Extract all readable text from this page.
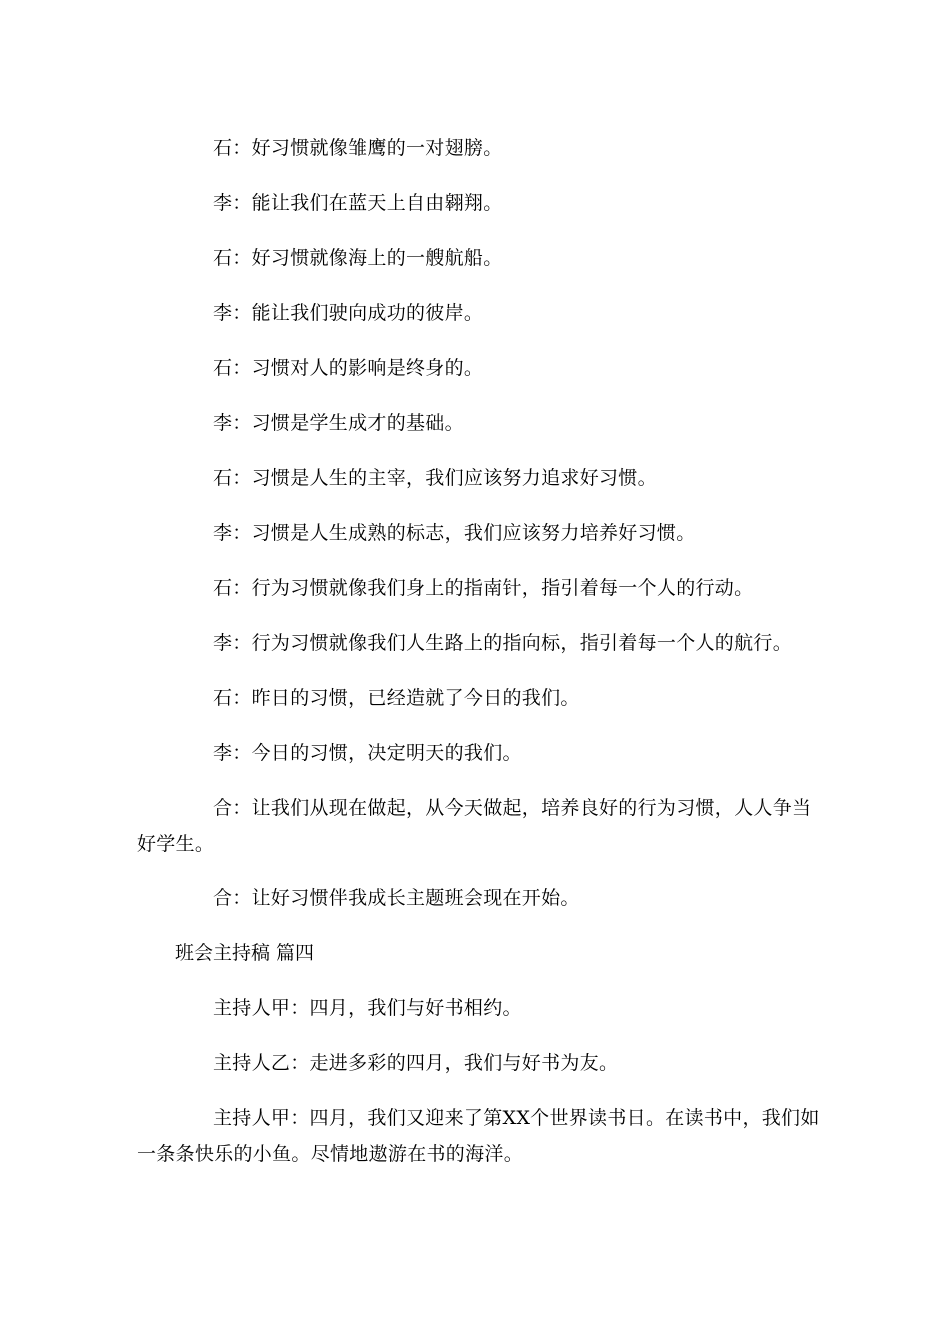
石：好习惯就像雏鹰的一对翅膀。

李：能让我们在蓝天上自由翱翔。

石：好习惯就像海上的一艘航船。

李：能让我们驶向成功的彼岸。

石：习惯对人的影响是终身的。

李：习惯是学生成才的基础。

石：习惯是人生的主宰，我们应该努力追求好习惯。

李：习惯是人生成熟的标志，我们应该努力培养好习惯。

石：行为习惯就像我们身上的指南针，指引着每一个人的行动。

李：行为习惯就像我们人生路上的指向标，指引着每一个人的航行。

石：昨日的习惯，已经造就了今日的我们。

李：今日的习惯，决定明天的我们。

合：让我们从现在做起，从今天做起，培养良好的行为习惯，人人争当好学生。

合：让好习惯伴我成长主题班会现在开始。

班会主持稿 篇四

主持人甲：四月，我们与好书相约。

主持人乙：走进多彩的四月，我们与好书为友。

主持人甲：四月，我们又迎来了第XX个世界读书日。在读书中，我们如一条条快乐的小鱼。尽情地遨游在书的海洋。
